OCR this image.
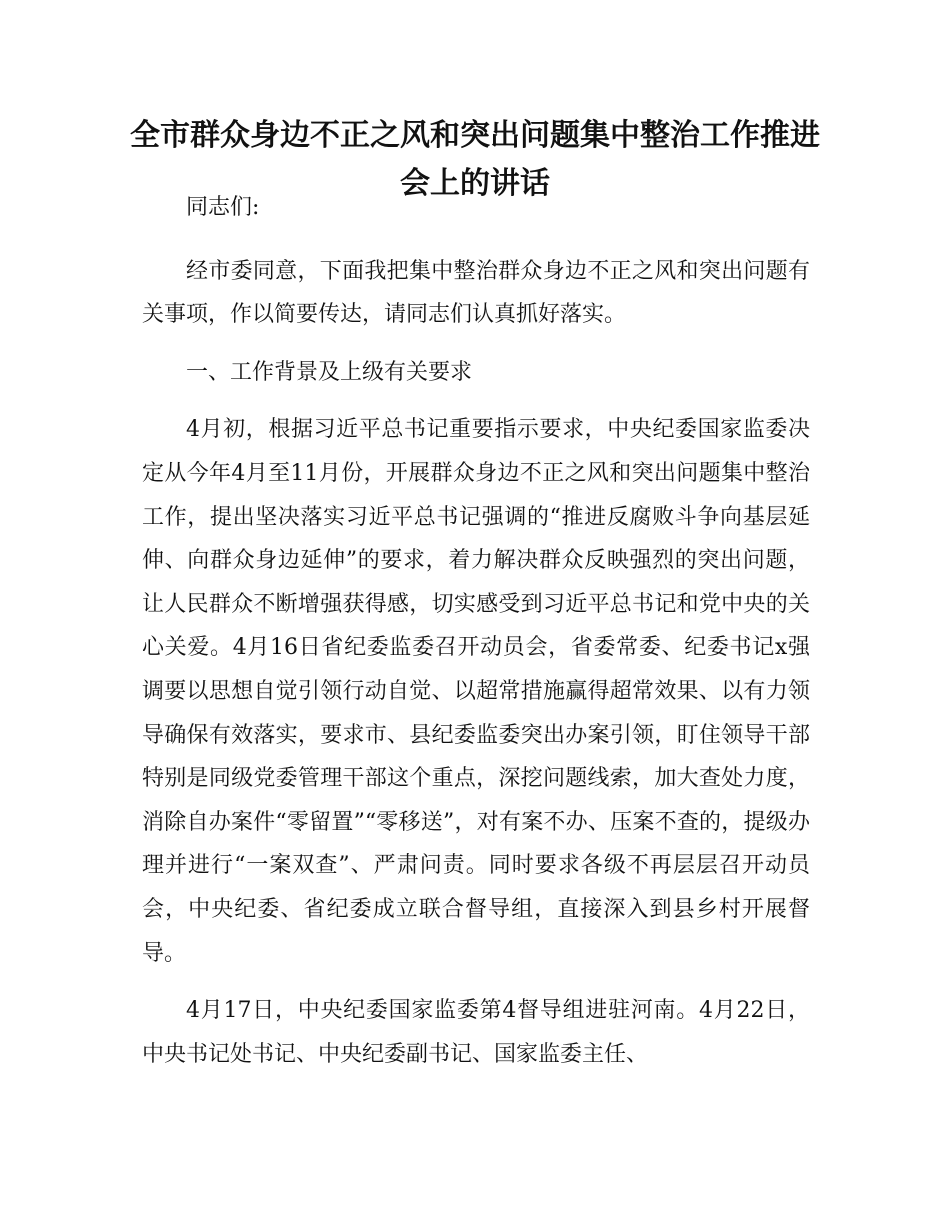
全市群众身边不正之风和突出问题集中整治工作推进会上的讲话

同志们:

经市委同意，下面我把集中整治群众身边不正之风和突出问题有关事项，作以简要传达，请同志们认真抓好落实。

一、工作背景及上级有关要求

4月初，根据习近平总书记重要指示要求，中央纪委国家监委决定从今年4月至11月份，开展群众身边不正之风和突出问题集中整治工作，提出坚决落实习近平总书记强调的“推进反腐败斗争向基层延伸、向群众身边延伸”的要求，着力解决群众反映强烈的突出问题，让人民群众不断增强获得感，切实感受到习近平总书记和党中央的关心关爱。4月16日省纪委监委召开动员会，省委常委、纪委书记x强调要以思想自觉引领行动自觉、以超常措施赢得超常效果、以有力领导确保有效落实，要求市、县纪委监委突出办案引领，盯住领导干部特别是同级党委管理干部这个重点，深挖问题线索，加大查处力度，消除自办案件“零留置”“零移送”，对有案不办、压案不查的，提级办理并进行“一案双查”、严肃问责。同时要求各级不再层层召开动员会，中央纪委、省纪委成立联合督导组，直接深入到县乡村开展督导。

4月17日，中央纪委国家监委第4督导组进驻河南。4月22日，中央书记处书记、中央纪委副书记、国家监委主任、
